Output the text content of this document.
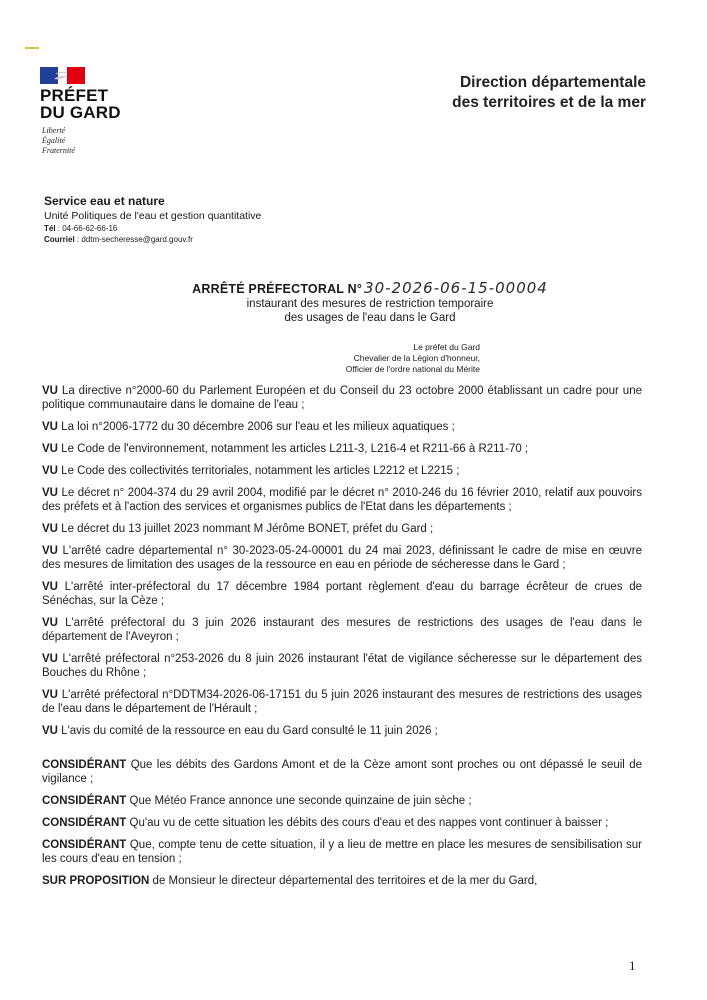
PRÉFET
DU GARD
Liberté
Égalité
Fraternité
Direction départementale
des territoires et de la mer
Service eau et nature
Unité Politiques de l'eau et gestion quantitative
Tél : 04-66-62-66-16
Courriel : ddtm-secheresse@gard.gouv.fr
ARRÊTÉ PRÉFECTORAL N° 30-2026-06-15-00004
instaurant des mesures de restriction temporaire
des usages de l'eau dans le Gard
Le préfet du Gard
Chevalier de la Légion d'honneur,
Officier de l'ordre national du Mérite
VU La directive n°2000-60 du Parlement Européen et du Conseil du 23 octobre 2000 établissant un cadre pour une politique communautaire dans le domaine de l'eau ;
VU La loi n°2006-1772 du 30 décembre 2006 sur l'eau et les milieux aquatiques ;
VU Le Code de l'environnement, notamment les articles L211-3, L216-4 et R211-66 à R211-70 ;
VU Le Code des collectivités territoriales, notamment les articles L2212 et L2215 ;
VU Le décret n° 2004-374 du 29 avril 2004, modifié par le décret n° 2010-246 du 16 février 2010, relatif aux pouvoirs des préfets et à l'action des services et organismes publics de l'Etat dans les départements ;
VU Le décret du 13 juillet 2023 nommant M Jérôme BONET, préfet du Gard ;
VU L'arrêté cadre départemental n° 30-2023-05-24-00001 du 24 mai 2023, définissant le cadre de mise en œuvre des mesures de limitation des usages de la ressource en eau en période de sécheresse dans le Gard ;
VU L'arrêté inter-préfectoral du 17 décembre 1984 portant règlement d'eau du barrage écrêteur de crues de Sénéchas, sur la Cèze ;
VU L'arrêté préfectoral du 3 juin 2026 instaurant des mesures de restrictions des usages de l'eau dans le département de l'Aveyron ;
VU L'arrêté préfectoral n°253-2026 du 8 juin 2026 instaurant l'état de vigilance sécheresse sur le département des Bouches du Rhône ;
VU L'arrêté préfectoral n°DDTM34-2026-06-17151 du 5 juin 2026 instaurant des mesures de restrictions des usages de l'eau dans le département de l'Hérault ;
VU L'avis du comité de la ressource en eau du Gard consulté le 11 juin 2026 ;
CONSIDÉRANT Que les débits des Gardons Amont et de la Cèze amont sont proches ou ont dépassé le seuil de vigilance ;
CONSIDÉRANT Que Météo France annonce une seconde quinzaine de juin sèche ;
CONSIDÉRANT Qu'au vu de cette situation les débits des cours d'eau et des nappes vont continuer à baisser ;
CONSIDÉRANT Que, compte tenu de cette situation, il y a lieu de mettre en place les mesures de sensibilisation sur les cours d'eau en tension ;
SUR PROPOSITION de Monsieur le directeur départemental des territoires et de la mer du Gard,
1
